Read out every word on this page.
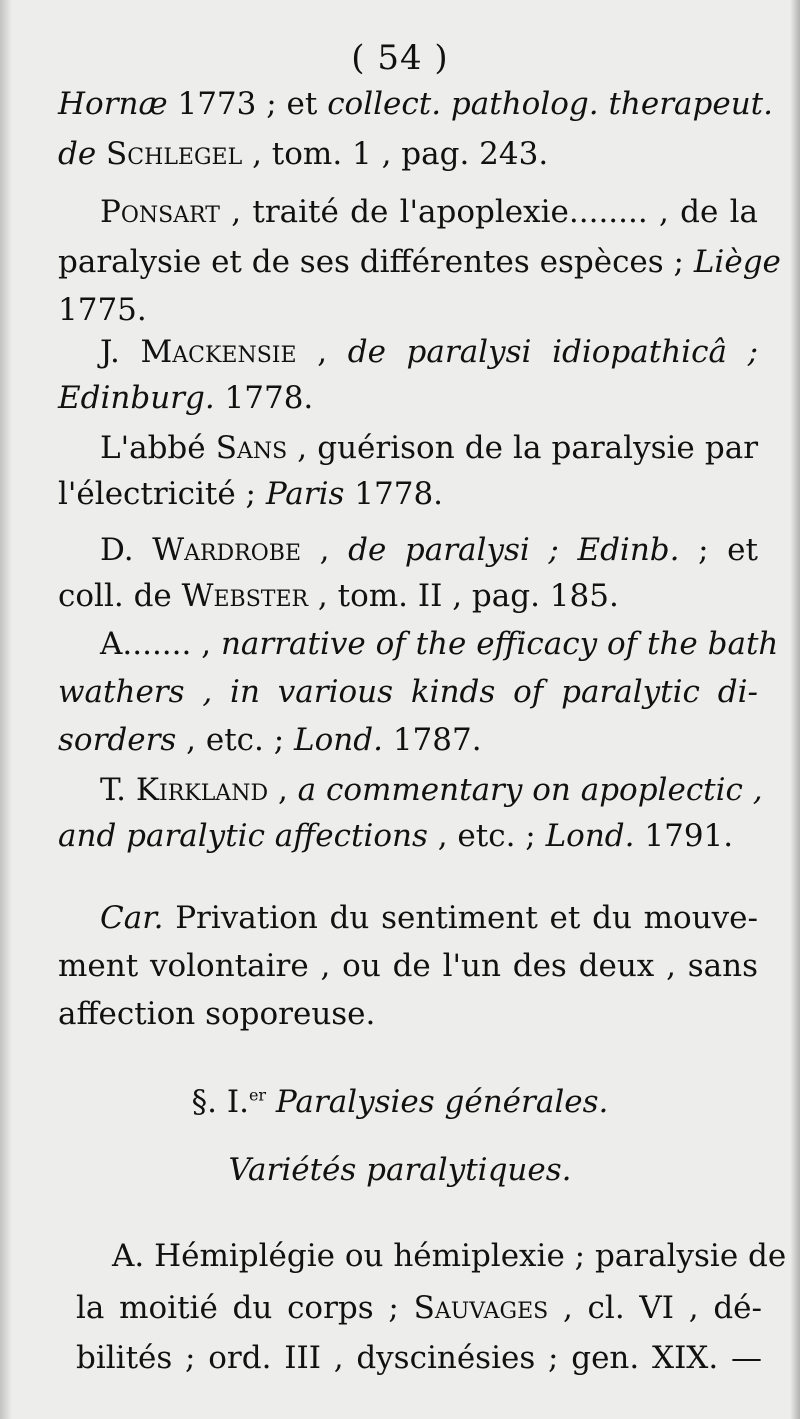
( 54 )
Hornæ 1773 ; et collect. patholog. therapeut.
de Schlegel , tom. 1 , pag. 243.
Ponsart , traité de l'apoplexie........ , de la
paralysie et de ses différentes espèces ; Liège
1775.
J. Mackensie , de paralysi idiopathicâ ;
Edinburg. 1778.
L'abbé Sans , guérison de la paralysie par
l'électricité ; Paris 1778.
D. Wardrobe , de paralysi ; Edinb. ; et
coll. de Webster , tom. II , pag. 185.
A....... , narrative of the efficacy of the bath
wathers , in various kinds of paralytic di-
sorders , etc. ; Lond. 1787.
T. Kirkland , a commentary on apoplectic ,
and paralytic affections , etc. ; Lond. 1791.
Car. Privation du sentiment et du mouve-
ment volontaire , ou de l'un des deux , sans
affection soporeuse.
§. I.$^{er}$ Paralysies générales.
Variétés paralytiques.
A. Hémiplégie ou hémiplexie ; paralysie de
la moitié du corps ; Sauvages , cl. VI , dé-
bilités ; ord. III , dyscinésies ; gen. XIX. —
